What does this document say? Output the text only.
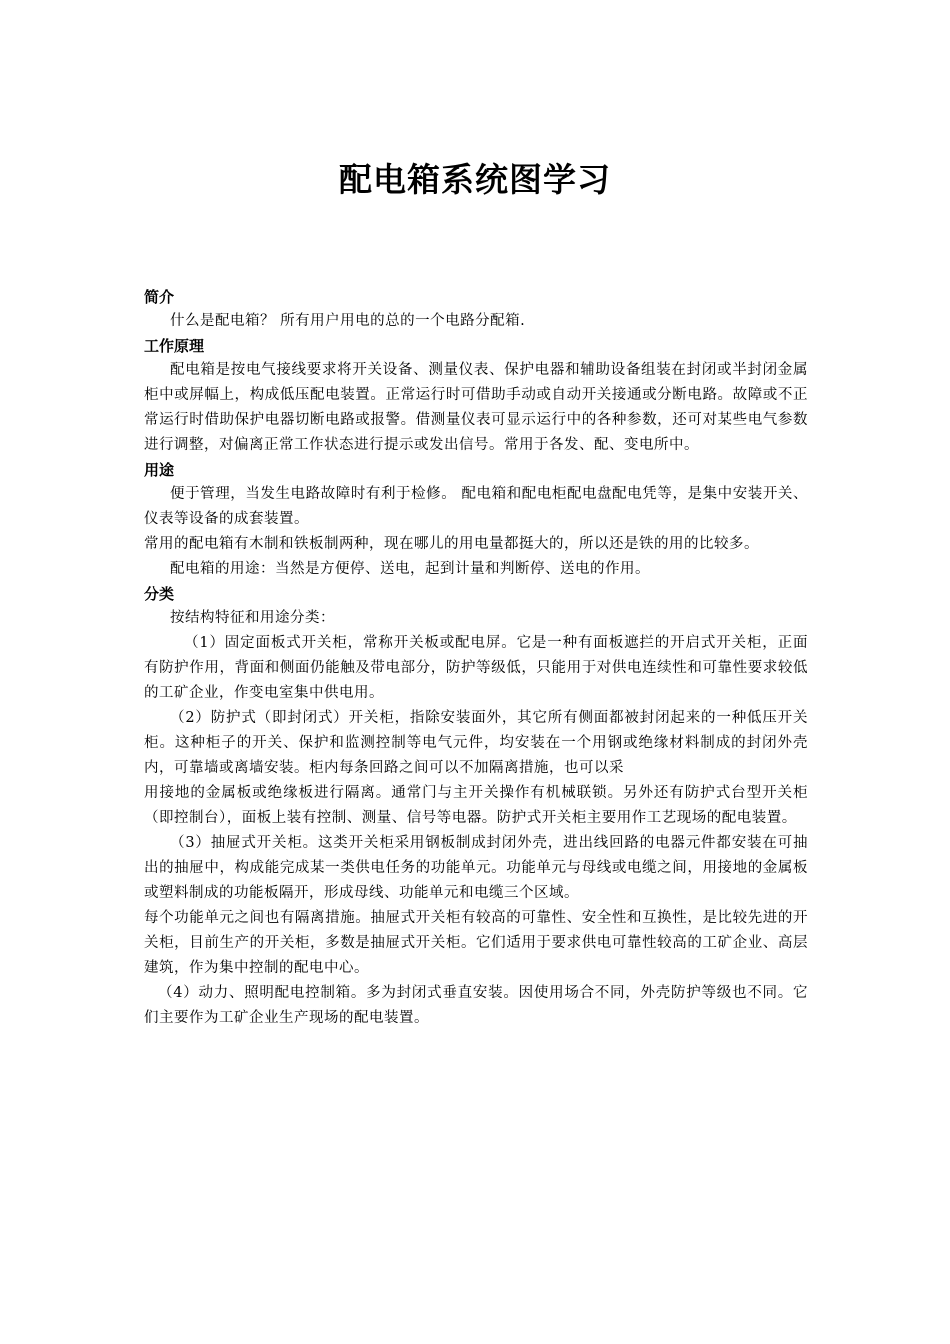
配电箱系统图学习

简介

什么是配电箱？ 所有用户用电的总的一个电路分配箱.

工作原理

配电箱是按电气接线要求将开关设备、测量仪表、保护电器和辅助设备组装在封闭或半封闭金属柜中或屏幅上，构成低压配电装置。正常运行时可借助手动或自动开关接通或分断电路。故障或不正常运行时借助保护电器切断电路或报警。借测量仪表可显示运行中的各种参数，还可对某些电气参数进行调整，对偏离正常工作状态进行提示或发出信号。常用于各发、配、变电所中。

用途

便于管理，当发生电路故障时有利于检修。 配电箱和配电柜配电盘配电凭等，是集中安装开关、仪表等设备的成套装置。

常用的配电箱有木制和铁板制两种，现在哪儿的用电量都挺大的，所以还是铁的用的比较多。

配电箱的用途：当然是方便停、送电，起到计量和判断停、送电的作用。

分类

按结构特征和用途分类：

（1）固定面板式开关柜，常称开关板或配电屏。它是一种有面板遮拦的开启式开关柜，正面有防护作用，背面和侧面仍能触及带电部分，防护等级低，只能用于对供电连续性和可靠性要求较低的工矿企业，作变电室集中供电用。

（2）防护式（即封闭式）开关柜，指除安装面外，其它所有侧面都被封闭起来的一种低压开关柜。这种柜子的开关、保护和监测控制等电气元件，均安装在一个用钢或绝缘材料制成的封闭外壳内，可靠墙或离墙安装。柜内每条回路之间可以不加隔离措施，也可以采

用接地的金属板或绝缘板进行隔离。通常门与主开关操作有机械联锁。另外还有防护式台型开关柜（即控制台），面板上装有控制、测量、信号等电器。防护式开关柜主要用作工艺现场的配电装置。

（3）抽屉式开关柜。这类开关柜采用钢板制成封闭外壳，进出线回路的电器元件都安装在可抽出的抽屉中，构成能完成某一类供电任务的功能单元。功能单元与母线或电缆之间，用接地的金属板或塑料制成的功能板隔开，形成母线、功能单元和电缆三个区域。

每个功能单元之间也有隔离措施。抽屉式开关柜有较高的可靠性、安全性和互换性，是比较先进的开关柜，目前生产的开关柜，多数是抽屉式开关柜。它们适用于要求供电可靠性较高的工矿企业、高层建筑，作为集中控制的配电中心。

（4）动力、照明配电控制箱。多为封闭式垂直安装。因使用场合不同，外壳防护等级也不同。它们主要作为工矿企业生产现场的配电装置。
